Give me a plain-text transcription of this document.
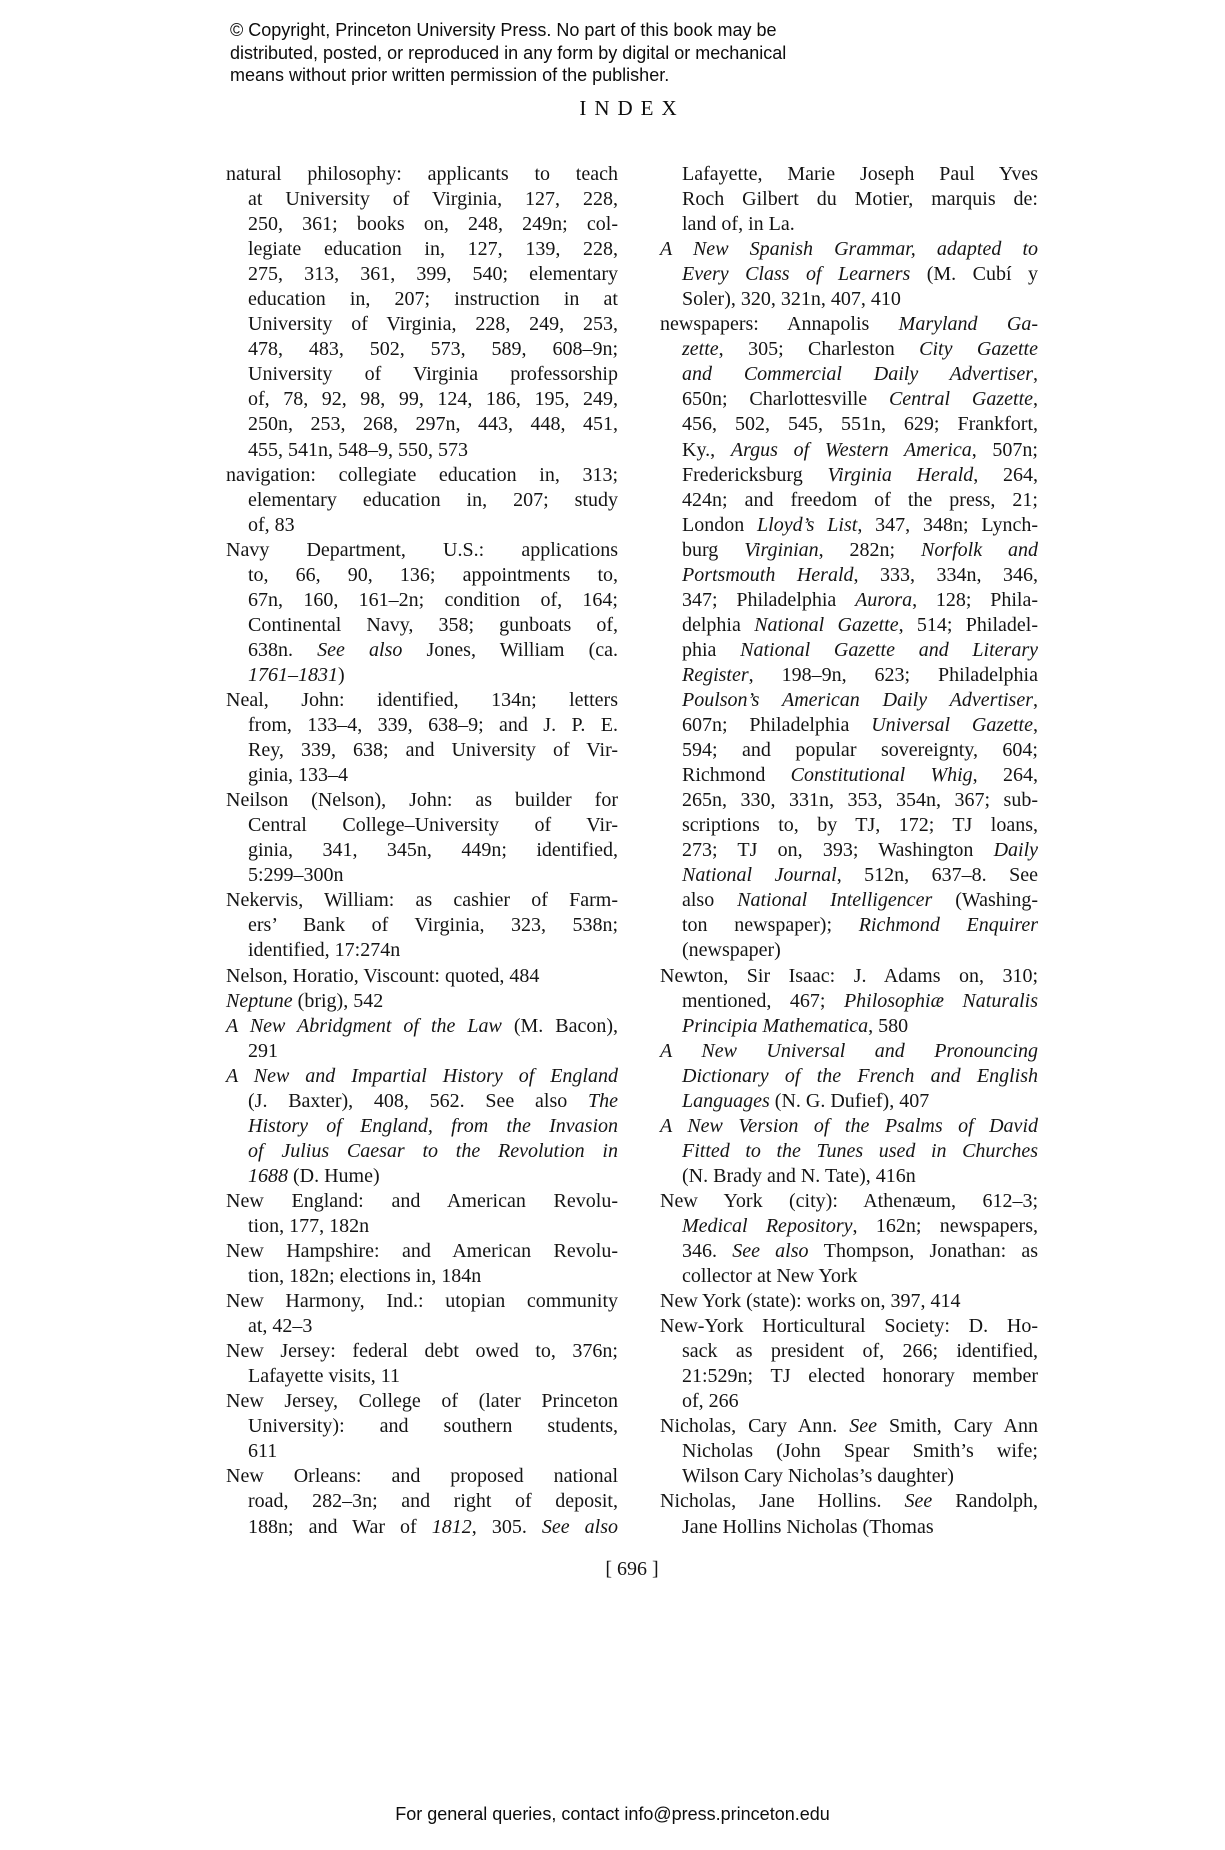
© Copyright, Princeton University Press. No part of this book may be
distributed, posted, or reproduced in any form by digital or mechanical
means without prior written permission of the publisher.
INDEX
natural philosophy: applicants to teach
at University of Virginia, 127, 228,
250, 361; books on, 248, 249n; col-
legiate education in, 127, 139, 228,
275, 313, 361, 399, 540; elementary
education in, 207; instruction in at
University of Virginia, 228, 249, 253,
478, 483, 502, 573, 589, 608–9n;
University of Virginia professorship
of, 78, 92, 98, 99, 124, 186, 195, 249,
250n, 253, 268, 297n, 443, 448, 451,
455, 541n, 548–9, 550, 573
navigation: collegiate education in, 313;
elementary education in, 207; study
of, 83
Navy Department, U.S.: applications
to, 66, 90, 136; appointments to,
67n, 160, 161–2n; condition of, 164;
Continental Navy, 358; gunboats of,
638n. See also Jones, William (ca.
1761–1831)
Neal, John: identified, 134n; letters
from, 133–4, 339, 638–9; and J. P. E.
Rey, 339, 638; and University of Vir-
ginia, 133–4
Neilson (Nelson), John: as builder for
Central College–University of Vir-
ginia, 341, 345n, 449n; identified,
5:299–300n
Nekervis, William: as cashier of Farm-
ers’ Bank of Virginia, 323, 538n;
identified, 17:274n
Nelson, Horatio, Viscount: quoted, 484
Neptune (brig), 542
A New Abridgment of the Law (M. Bacon),
291
A New and Impartial History of England
(J. Baxter), 408, 562. See also The
History of England, from the Invasion
of Julius Caesar to the Revolution in
1688 (D. Hume)
New England: and American Revolu-
tion, 177, 182n
New Hampshire: and American Revolu-
tion, 182n; elections in, 184n
New Harmony, Ind.: utopian community
at, 42–3
New Jersey: federal debt owed to, 376n;
Lafayette visits, 11
New Jersey, College of (later Princeton
University): and southern students,
611
New Orleans: and proposed national
road, 282–3n; and right of deposit,
188n; and War of 1812, 305. See also
Lafayette, Marie Joseph Paul Yves
Roch Gilbert du Motier, marquis de:
land of, in La.
A New Spanish Grammar, adapted to
Every Class of Learners (M. Cubí y
Soler), 320, 321n, 407, 410
newspapers: Annapolis Maryland Ga-
zette, 305; Charleston City Gazette
and Commercial Daily Advertiser,
650n; Charlottesville Central Gazette,
456, 502, 545, 551n, 629; Frankfort,
Ky., Argus of Western America, 507n;
Fredericksburg Virginia Herald, 264,
424n; and freedom of the press, 21;
London Lloyd’s List, 347, 348n; Lynch-
burg Virginian, 282n; Norfolk and
Portsmouth Herald, 333, 334n, 346,
347; Philadelphia Aurora, 128; Phila-
delphia National Gazette, 514; Philadel-
phia National Gazette and Literary
Register, 198–9n, 623; Philadelphia
Poulson’s American Daily Advertiser,
607n; Philadelphia Universal Gazette,
594; and popular sovereignty, 604;
Richmond Constitutional Whig, 264,
265n, 330, 331n, 353, 354n, 367; sub-
scriptions to, by TJ, 172; TJ loans,
273; TJ on, 393; Washington Daily
National Journal, 512n, 637–8. See
also National Intelligencer (Washing-
ton newspaper); Richmond Enquirer
(newspaper)
Newton, Sir Isaac: J. Adams on, 310;
mentioned, 467; Philosophiæ Naturalis
Principia Mathematica, 580
A New Universal and Pronouncing
Dictionary of the French and English
Languages (N. G. Dufief), 407
A New Version of the Psalms of David
Fitted to the Tunes used in Churches
(N. Brady and N. Tate), 416n
New York (city): Athenæum, 612–3;
Medical Repository, 162n; newspapers,
346. See also Thompson, Jonathan: as
collector at New York
New York (state): works on, 397, 414
New-York Horticultural Society: D. Ho-
sack as president of, 266; identified,
21:529n; TJ elected honorary member
of, 266
Nicholas, Cary Ann. See Smith, Cary Ann
Nicholas (John Spear Smith’s wife;
Wilson Cary Nicholas’s daughter)
Nicholas, Jane Hollins. See Randolph,
Jane Hollins Nicholas (Thomas
[ 696 ]
For general queries, contact info@press.princeton.edu
